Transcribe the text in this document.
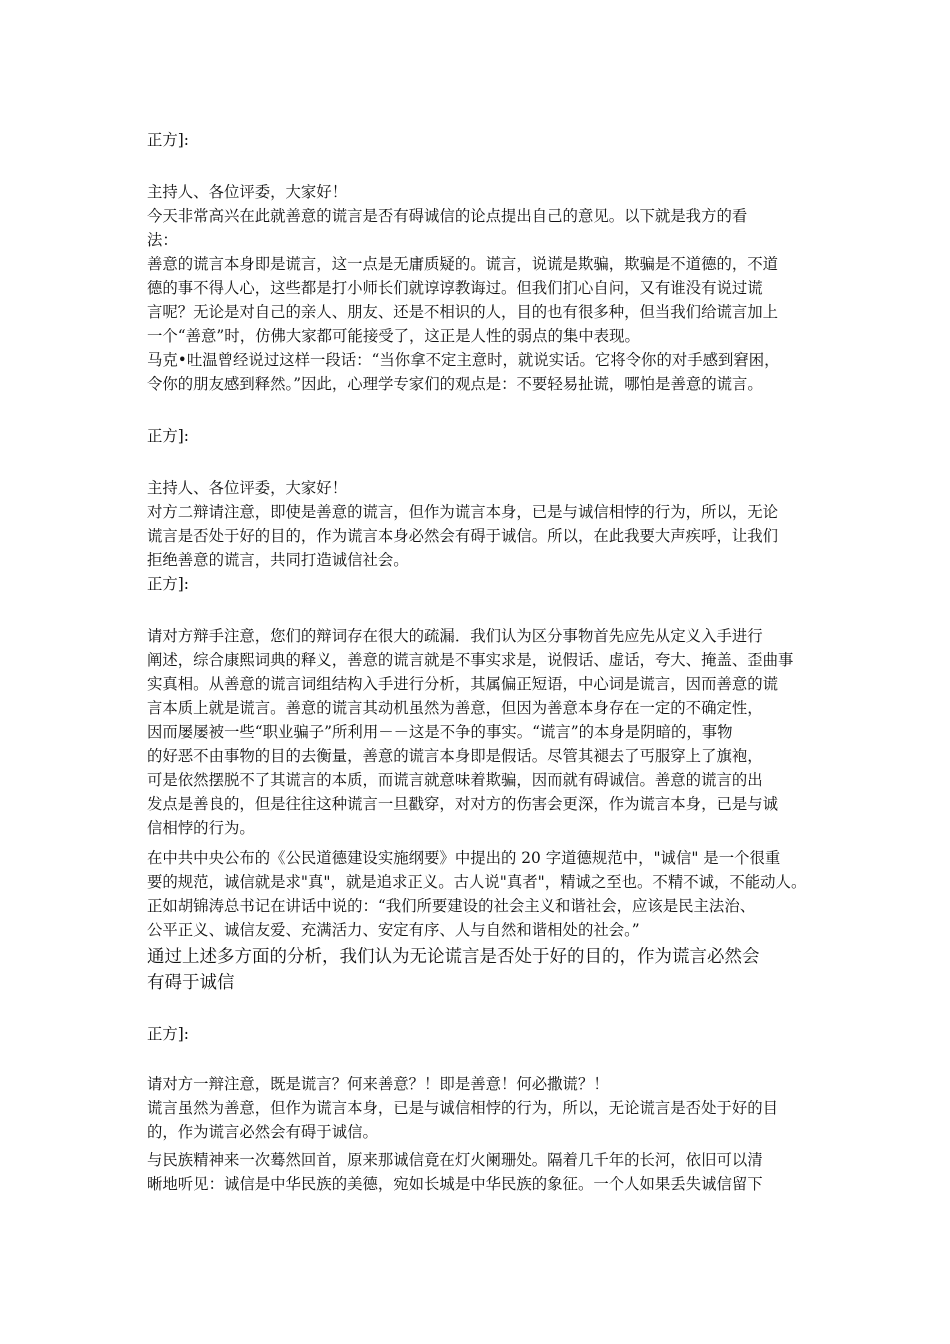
正方]:
主持人、各位评委，大家好！
今天非常高兴在此就善意的谎言是否有碍诚信的论点提出自己的意见。以下就是我方的看
法：
善意的谎言本身即是谎言，这一点是无庸质疑的。谎言，说谎是欺骗，欺骗是不道德的，不道
德的事不得人心，这些都是打小师长们就谆谆教诲过。但我们扪心自问，又有谁没有说过谎
言呢？无论是对自己的亲人、朋友、还是不相识的人，目的也有很多种，但当我们给谎言加上
一个“善意”时，仿佛大家都可能接受了，这正是人性的弱点的集中表现。
马克•吐温曾经说过这样一段话：“当你拿不定主意时，就说实话。它将令你的对手感到窘困，
令你的朋友感到释然。”因此，心理学专家们的观点是：不要轻易扯谎，哪怕是善意的谎言。
正方]:
主持人、各位评委，大家好！
对方二辩请注意，即使是善意的谎言，但作为谎言本身，已是与诚信相悖的行为，所以，无论
谎言是否处于好的目的，作为谎言本身必然会有碍于诚信。所以，在此我要大声疾呼，让我们
拒绝善意的谎言，共同打造诚信社会。
正方]:
请对方辩手注意，您们的辩词存在很大的疏漏．我们认为区分事物首先应先从定义入手进行
阐述，综合康熙词典的释义，善意的谎言就是不事实求是，说假话、虚话，夸大、掩盖、歪曲事
实真相。从善意的谎言词组结构入手进行分析，其属偏正短语，中心词是谎言，因而善意的谎
言本质上就是谎言。善意的谎言其动机虽然为善意，但因为善意本身存在一定的不确定性，
因而屡屡被一些“职业骗子”所利用－－这是不争的事实。“谎言”的本身是阴暗的，事物
的好恶不由事物的目的去衡量，善意的谎言本身即是假话。尽管其褪去了丐服穿上了旗袍，
可是依然摆脱不了其谎言的本质，而谎言就意味着欺骗，因而就有碍诚信。善意的谎言的出
发点是善良的，但是往往这种谎言一旦戳穿，对对方的伤害会更深，作为谎言本身，已是与诚
信相悖的行为。
在中共中央公布的《公民道德建设实施纲要》中提出的 20 字道德规范中，"诚信" 是一个很重
要的规范，诚信就是求"真"，就是追求正义。古人说"真者"，精诚之至也。不精不诚，不能动人。
正如胡锦涛总书记在讲话中说的：“我们所要建设的社会主义和谐社会，应该是民主法治、
公平正义、诚信友爱、充满活力、安定有序、人与自然和谐相处的社会。”
通过上述多方面的分析，我们认为无论谎言是否处于好的目的，作为谎言必然会
有碍于诚信
正方]:
请对方一辩注意，既是谎言？何来善意？！即是善意！何必撒谎？！
谎言虽然为善意，但作为谎言本身，已是与诚信相悖的行为，所以，无论谎言是否处于好的目
的，作为谎言必然会有碍于诚信。
与民族精神来一次蓦然回首，原来那诚信竟在灯火阑珊处。隔着几千年的长河，依旧可以清
晰地听见：诚信是中华民族的美德，宛如长城是中华民族的象征。一个人如果丢失诚信留下
